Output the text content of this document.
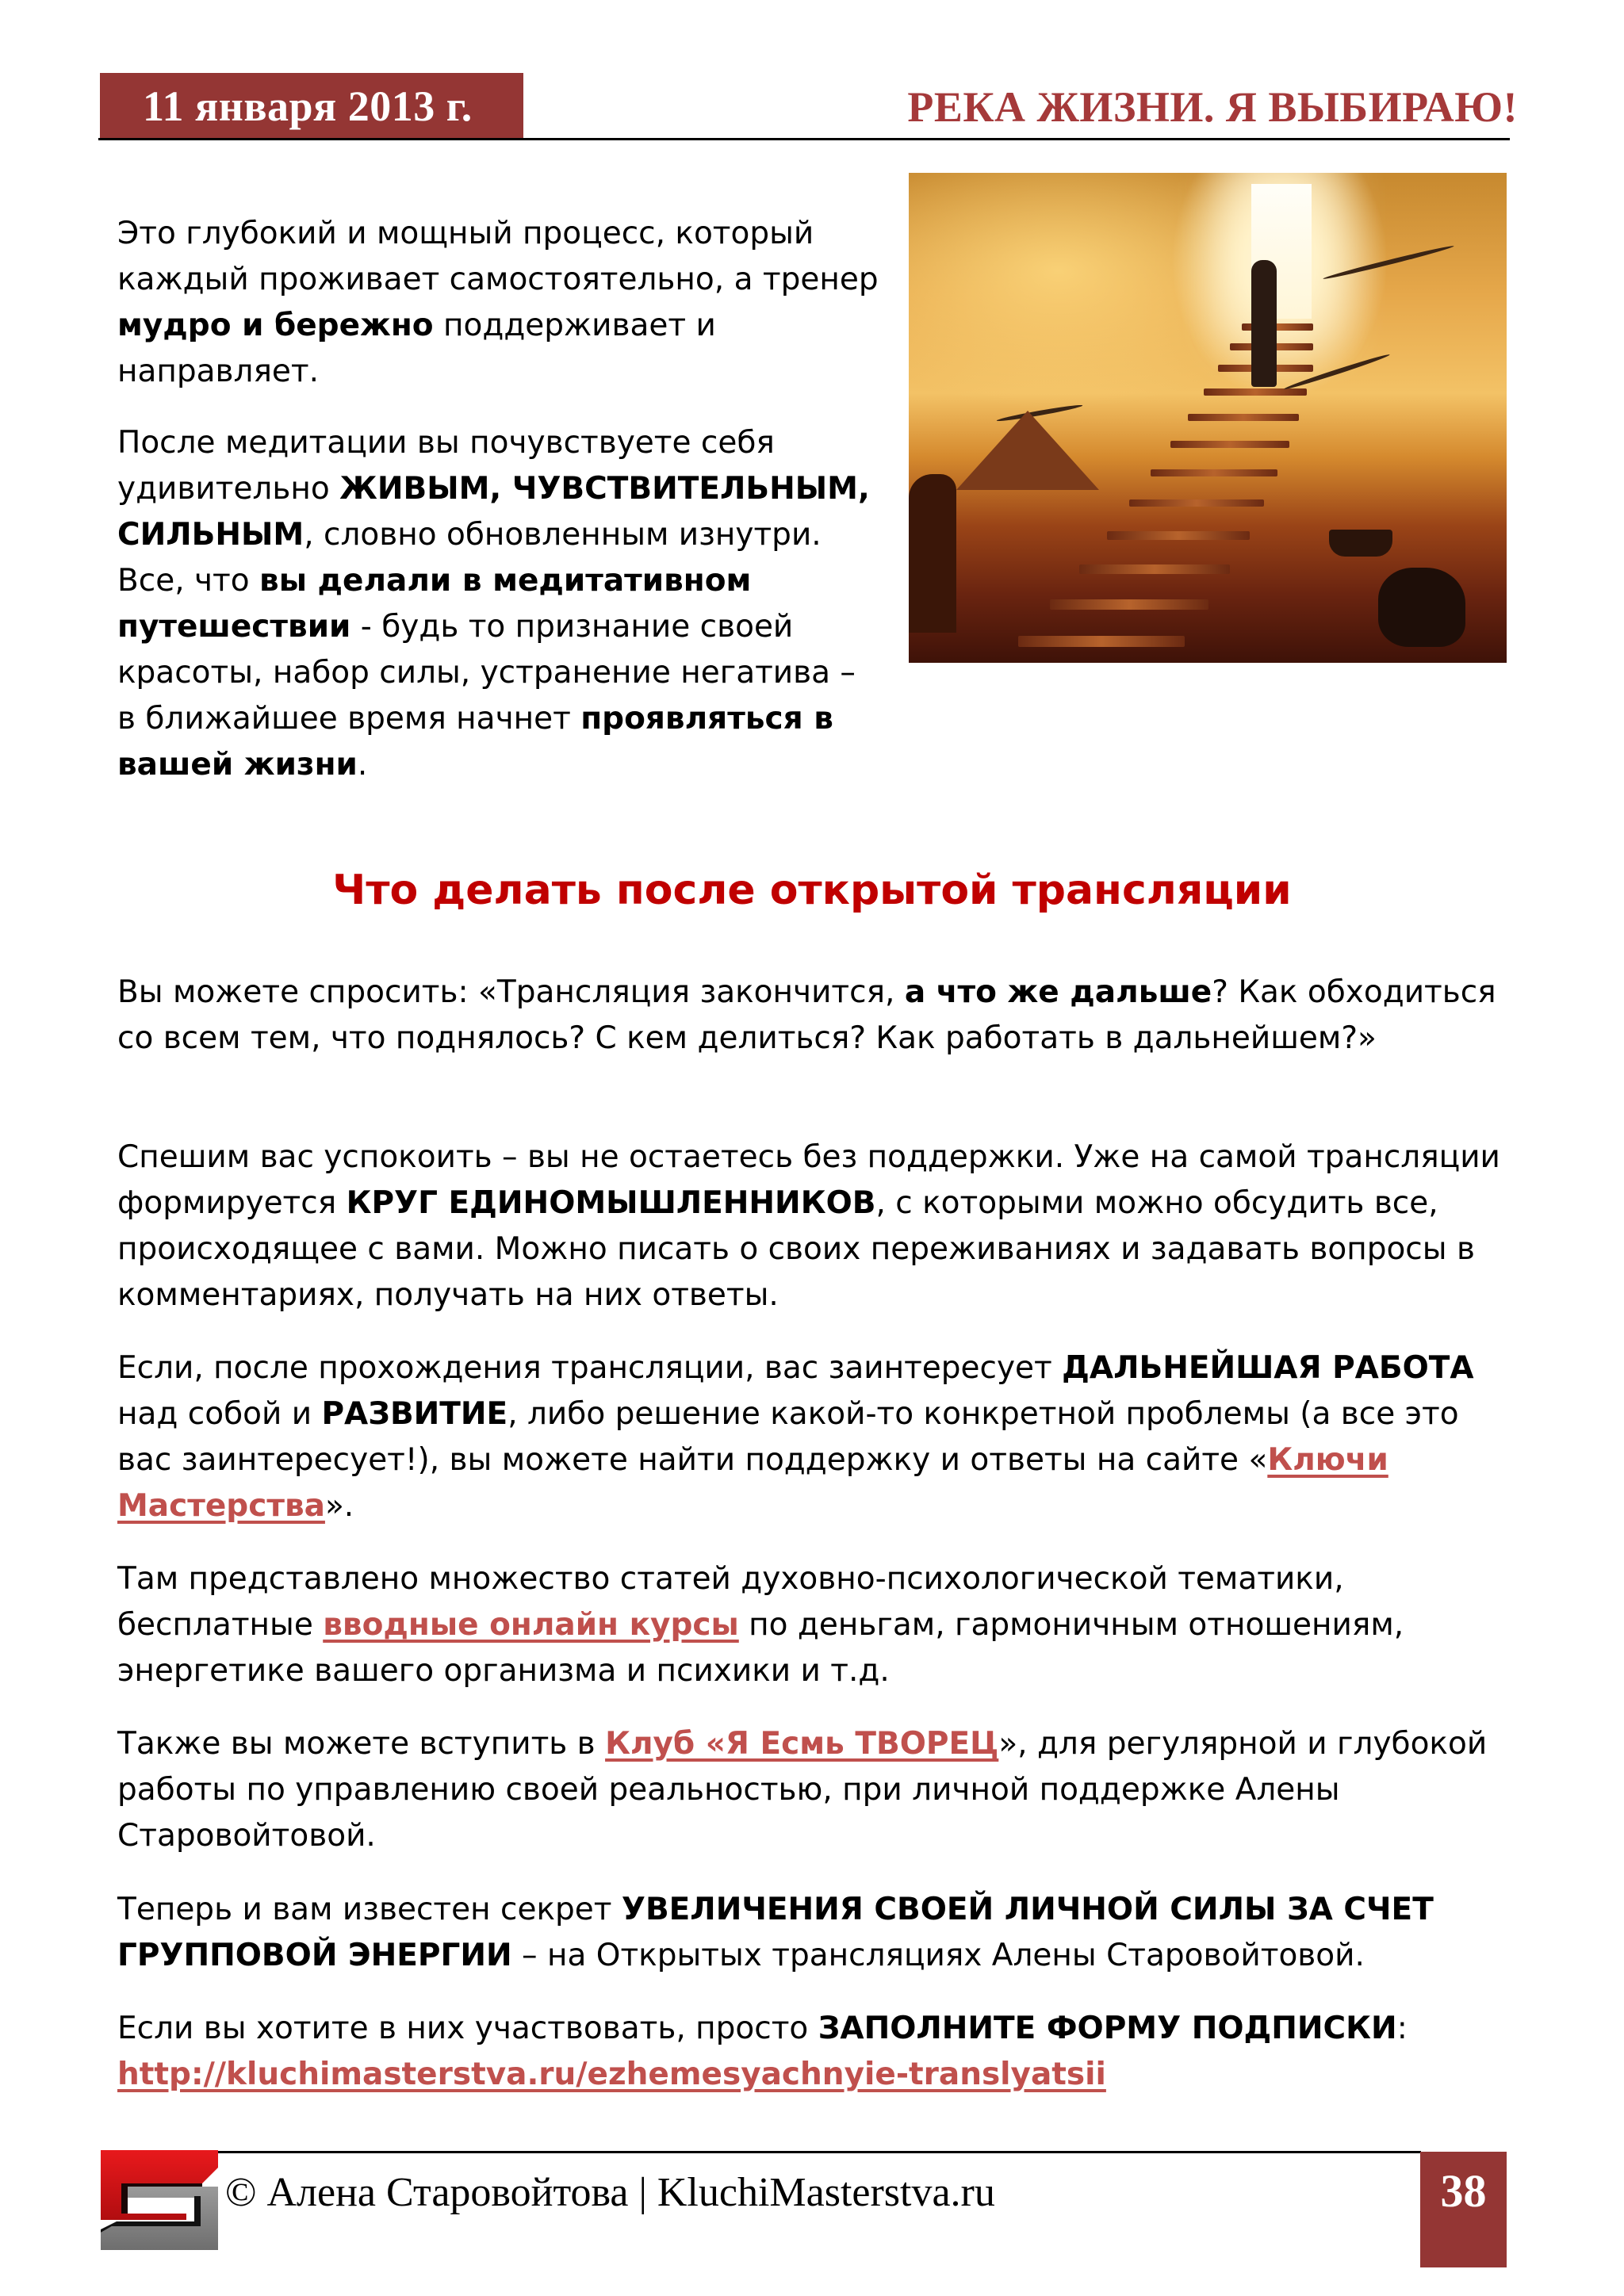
11 января 2013 г.	РЕКА ЖИЗНИ. Я ВЫБИРАЮ!

Это глубокий и мощный процесс, который каждый проживает самостоятельно, а тренер мудро и бережно поддерживает и направляет.

После медитации вы почувствуете себя удивительно ЖИВЫМ, ЧУВСТВИТЕЛЬНЫМ, СИЛЬНЫМ, словно обновленным изнутри. Все, что вы делали в медитативном путешествии - будь то признание своей красоты, набор силы, устранение негатива – в ближайшее время начнет проявляться в вашей жизни.

Что делать после открытой трансляции

Вы можете спросить: «Трансляция закончится, а что же дальше? Как обходиться со всем тем, что поднялось? С кем делиться? Как работать в дальнейшем?»

Спешим вас успокоить – вы не остаетесь без поддержки. Уже на самой трансляции формируется КРУГ ЕДИНОМЫШЛЕННИКОВ, с которыми можно обсудить все, происходящее с вами. Можно писать о своих переживаниях и задавать вопросы в комментариях, получать на них ответы.

Если, после прохождения трансляции, вас заинтересует ДАЛЬНЕЙШАЯ РАБОТА над собой и РАЗВИТИЕ, либо решение какой-то конкретной проблемы (а все это вас заинтересует!), вы можете найти поддержку и ответы на сайте «Ключи Мастерства».

Там представлено множество статей духовно-психологической тематики, бесплатные вводные онлайн курсы по деньгам, гармоничным отношениям, энергетике вашего организма и психики и т.д.

Также вы можете вступить в Клуб «Я Есмь ТВОРЕЦ», для регулярной и глубокой работы по управлению своей реальностью, при личной поддержке Алены Старовойтовой.

Теперь и вам известен секрет УВЕЛИЧЕНИЯ СВОЕЙ ЛИЧНОЙ СИЛЫ ЗА СЧЕТ ГРУППОВОЙ ЭНЕРГИИ – на Открытых трансляциях Алены Старовойтовой.

Если вы хотите в них участвовать, просто ЗАПОЛНИТЕ ФОРМУ ПОДПИСКИ:
http://kluchimasterstva.ru/ezhemesyachnyie-translyatsii

© Алена Старовойтова | KluchiMasterstva.ru	38
